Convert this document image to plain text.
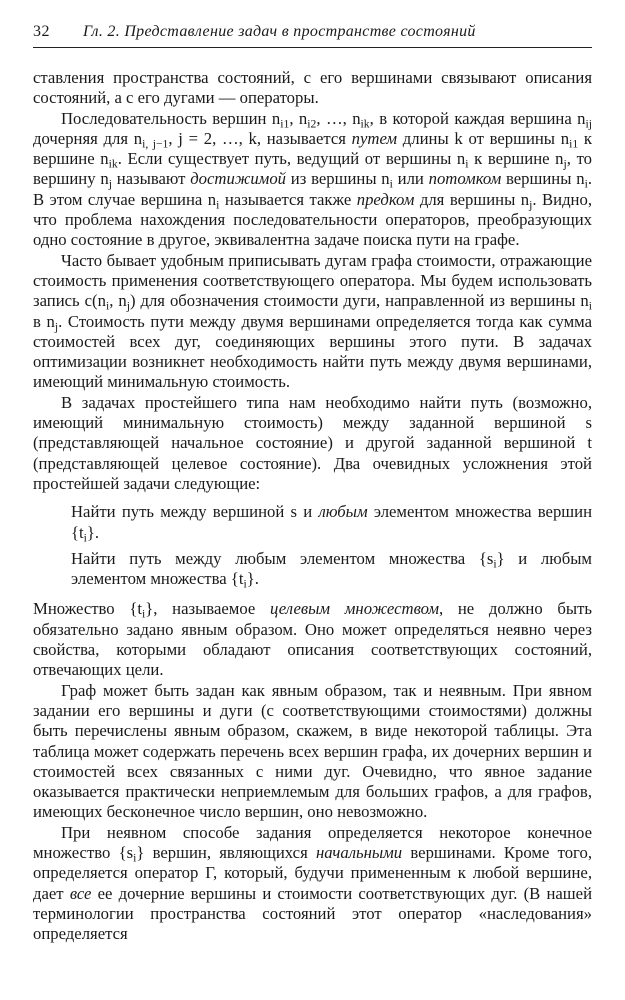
32	Гл. 2. Представление задач в пространстве состояний

ставления пространства состояний, с его вершинами связывают описания состояний, а с его дугами — операторы.

Последовательность вершин $n_{i1}$, $n_{i2}$, …, $n_{ik}$, в которой каждая вершина $n_{ij}$ дочерняя для $n_{i, j-1}$, j = 2, …, k, называется путем длины k от вершины $n_{i1}$ к вершине $n_{ik}$. Если существует путь, ведущий от вершины $n_i$ к вершине $n_j$, то вершину $n_j$ называют достижимой из вершины $n_i$ или потомком вершины $n_i$. В этом случае вершина $n_i$ называется также предком для вершины $n_j$. Видно, что проблема нахождения последовательности операторов, преобразующих одно состояние в другое, эквивалентна задаче поиска пути на графе.

Часто бывает удобным приписывать дугам графа стоимости, отражающие стоимость применения соответствующего оператора. Мы будем использовать запись $c(n_i$, $n_j$) для обозначения стоимости дуги, направленной из вершины $n_i$ в $n_j$. Стоимость пути между двумя вершинами определяется тогда как сумма стоимостей всех дуг, соединяющих вершины этого пути. В задачах оптимизации возникнет необходимость найти путь между двумя вершинами, имеющий минимальную стоимость.

В задачах простейшего типа нам необходимо найти путь (возможно, имеющий минимальную стоимость) между заданной вершиной s (представляющей начальное состояние) и другой заданной вершиной t (представляющей целевое состояние). Два очевидных усложнения этой простейшей задачи следующие:

Найти путь между вершиной s и любым элементом множества вершин $\{t_i\}$.

Найти путь между любым элементом множества $\{s_i\}$ и любым элементом множества $\{t_i\}$.

Множество $\{t_i\}$, называемое целевым множеством, не должно быть обязательно задано явным образом. Оно может определяться неявно через свойства, которыми обладают описания соответствующих состояний, отвечающих цели.

Граф может быть задан как явным образом, так и неявным. При явном задании его вершины и дуги (с соответствующими стоимостями) должны быть перечислены явным образом, скажем, в виде некоторой таблицы. Эта таблица может содержать перечень всех вершин графа, их дочерних вершин и стоимостей всех связанных с ними дуг. Очевидно, что явное задание оказывается практически неприемлемым для больших графов, а для графов, имеющих бесконечное число вершин, оно невозможно.

При неявном способе задания определяется некоторое конечное множество $\{s_i\}$ вершин, являющихся начальными вершинами. Кроме того, определяется оператор Г, который, будучи примененным к любой вершине, дает все ее дочерние вершины и стоимости соответствующих дуг. (В нашей терминологии пространства состояний этот оператор «наследования» определяется
